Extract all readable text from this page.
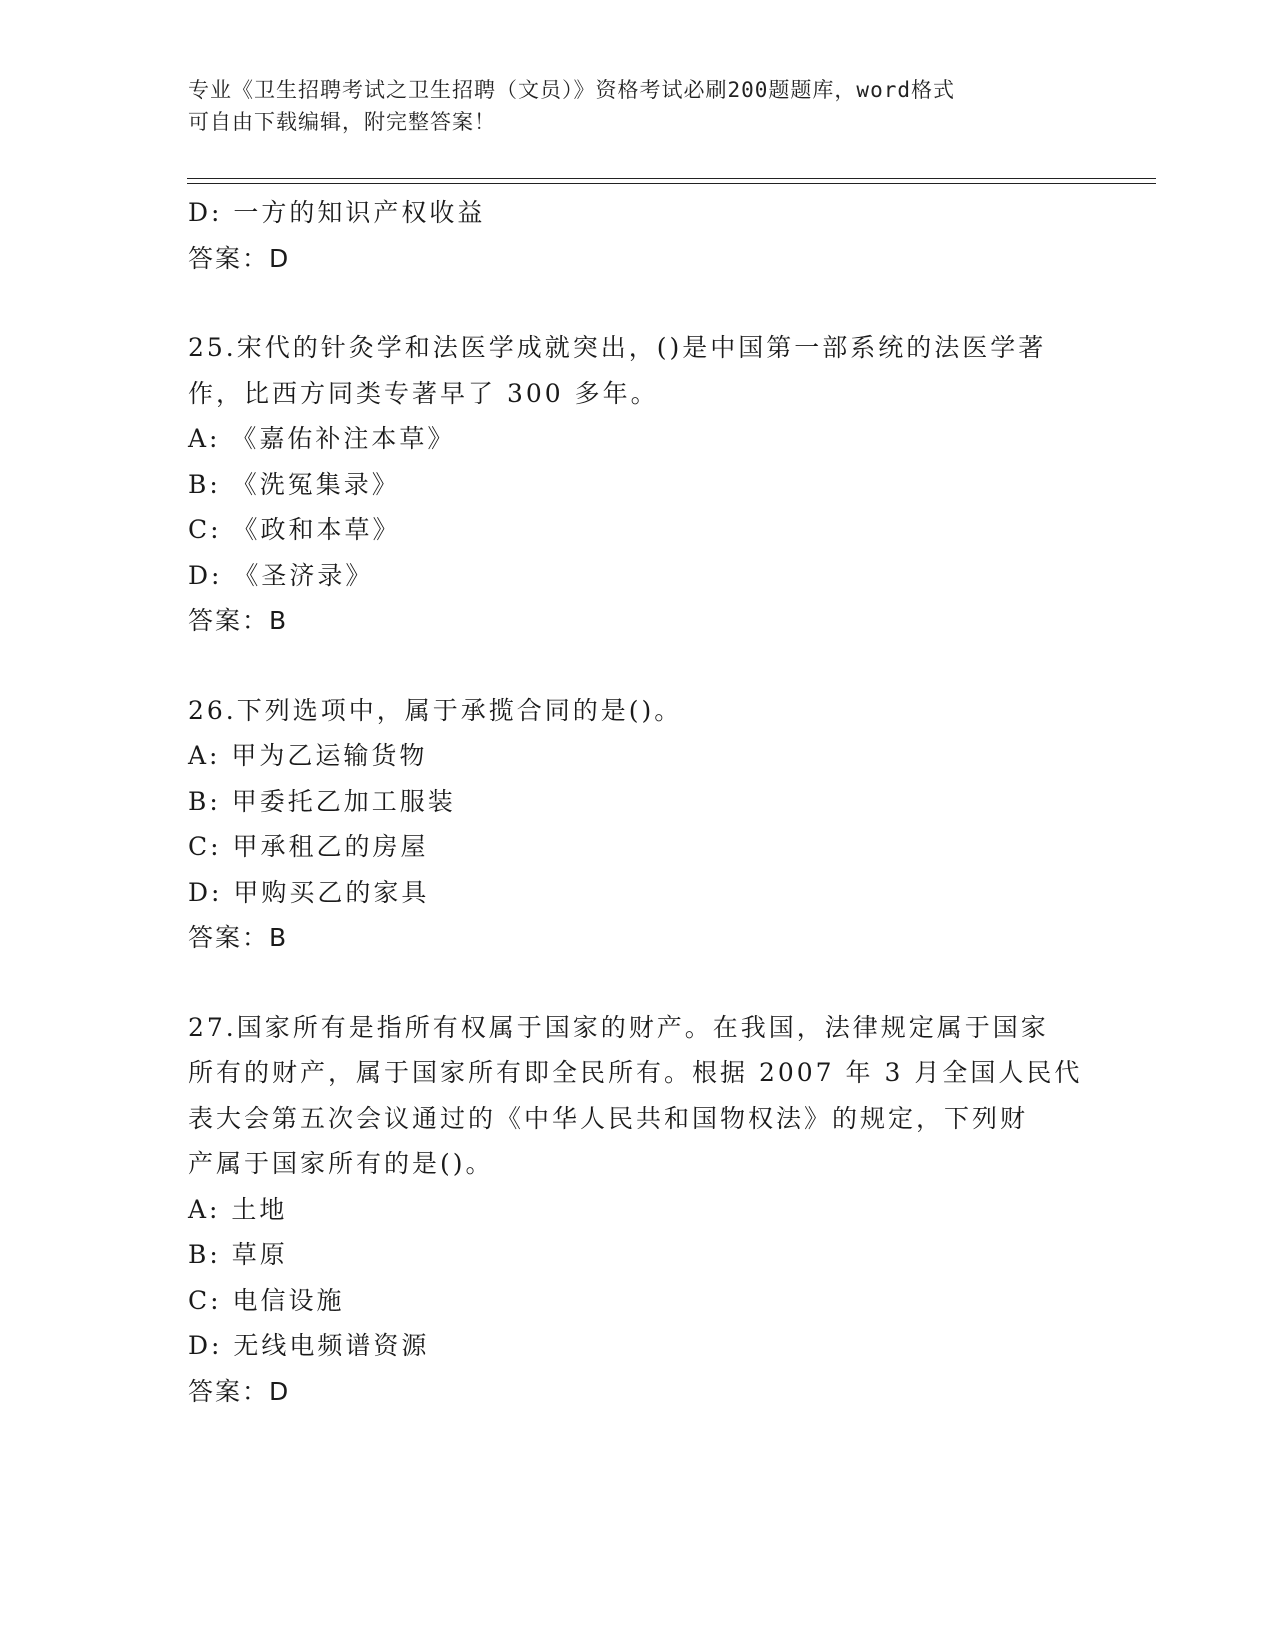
专业《卫生招聘考试之卫生招聘（文员）》资格考试必刷200题题库，word格式
可自由下载编辑，附完整答案！
D: 一方的知识产权收益
答案：D
25.宋代的针灸学和法医学成就突出，()是中国第一部系统的法医学著
作，比西方同类专著早了 300 多年。
A: 《嘉佑补注本草》
B: 《洗冤集录》
C: 《政和本草》
D: 《圣济录》
答案：B
26.下列选项中，属于承揽合同的是()。
A: 甲为乙运输货物
B: 甲委托乙加工服装
C: 甲承租乙的房屋
D: 甲购买乙的家具
答案：B
27.国家所有是指所有权属于国家的财产。在我国，法律规定属于国家
所有的财产，属于国家所有即全民所有。根据 2007 年 3 月全国人民代
表大会第五次会议通过的《中华人民共和国物权法》的规定，下列财
产属于国家所有的是()。
A: 土地
B: 草原
C: 电信设施
D: 无线电频谱资源
答案：D
